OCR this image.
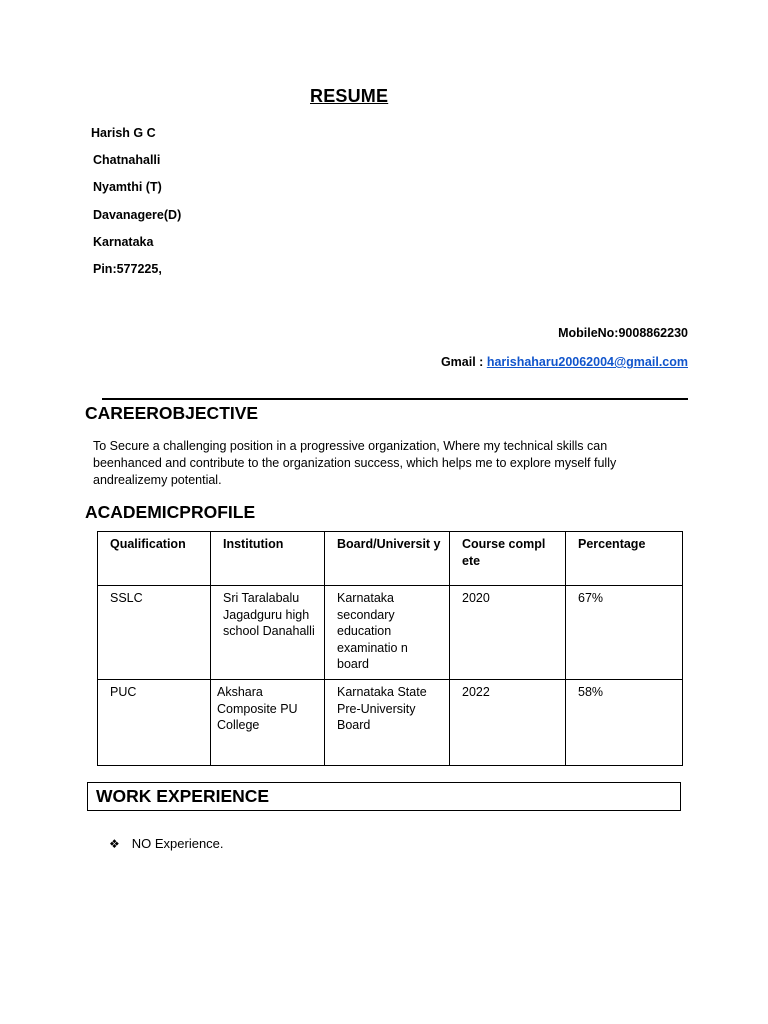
RESUME
Harish G C
Chatnahalli
Nyamthi (T)
Davanagere(D)
Karnataka
Pin:577225,
MobileNo:9008862230
Gmail : harishaharu20062004@gmail.com
CAREEROBJECTIVE
To Secure a challenging position in a progressive organization, Where my technical skills can
beenhanced and contribute to the organization success, which helps me to explore myself fully
andrealizemy potential.
ACADEMICPROFILE
Qualification	Institution	Board/Universit y	Course compl ete	Percentage
SSLC	Sri Taralabalu Jagadguru high school Danahalli	Karnataka secondary education examinatio n board	2020	67%
PUC	Akshara Composite PU College	Karnataka State Pre-University Board	2022	58%
WORK EXPERIENCE
❖ NO Experience.
